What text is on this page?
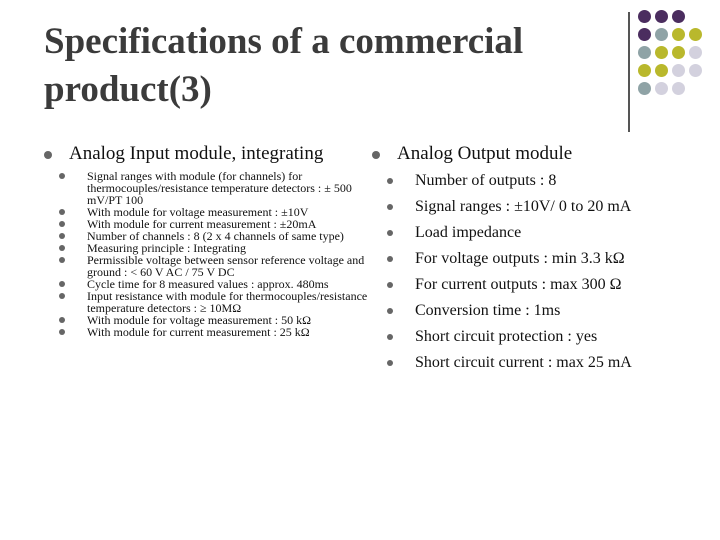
Specifications of a commercial
product(3)
Analog Input module, integrating
Signal ranges with module (for channels) for thermocouples/resistance temperature detectors : ± 500 mV/PT 100
With module for voltage measurement : ±10V
With module for current measurement : ±20mA
Number of channels : 8 (2 x 4 channels of same type)
Measuring principle : Integrating
Permissible voltage between sensor reference voltage and ground : < 60 V AC / 75 V DC
Cycle time for 8 measured values : approx. 480ms
Input resistance with module for thermocouples/resistance temperature detectors : ≥ 10MΩ
With module for voltage measurement : 50 kΩ
With module for current measurement : 25 kΩ
Analog Output module
Number of outputs : 8
Signal ranges : ±10V/ 0 to 20 mA
Load impedance
For voltage outputs : min 3.3 kΩ
For current outputs : max 300 Ω
Conversion time : 1ms
Short circuit protection : yes
Short circuit current : max 25 mA
